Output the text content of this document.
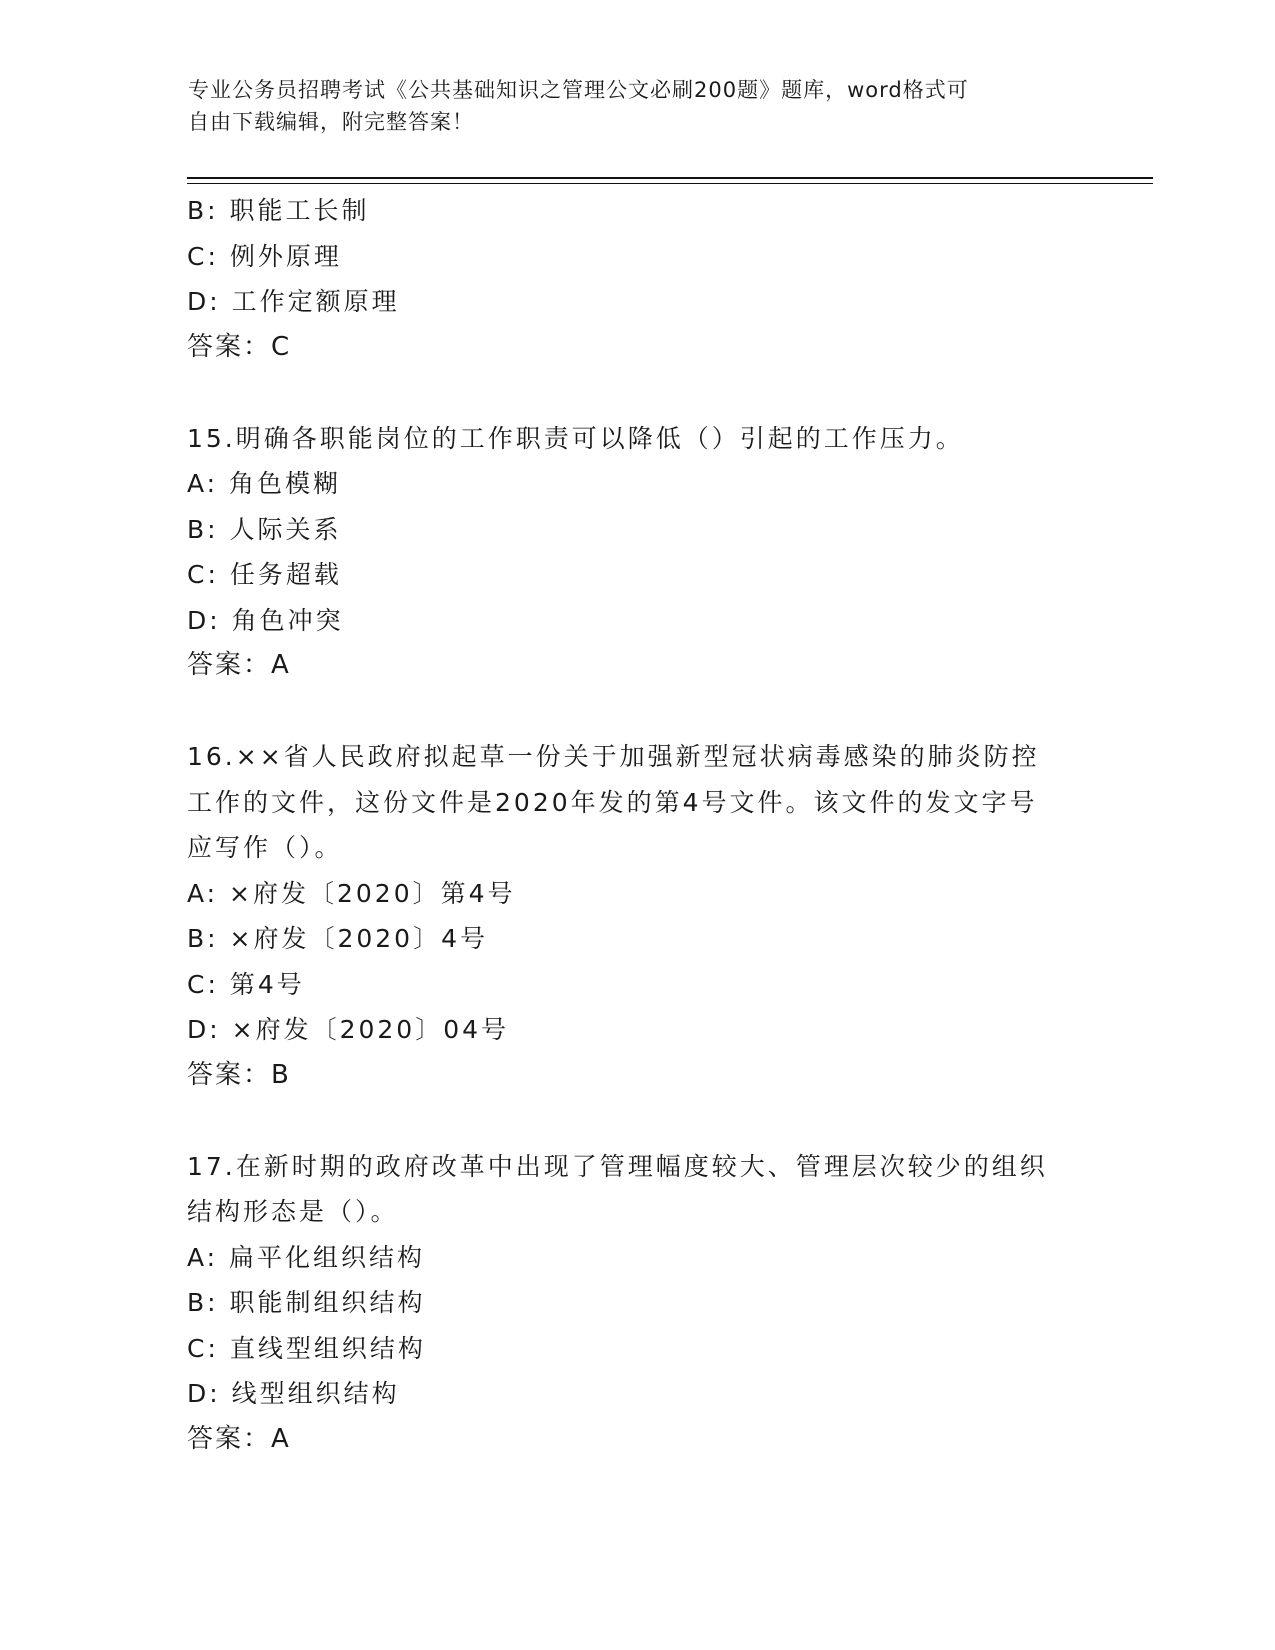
专业公务员招聘考试《公共基础知识之管理公文必刷200题》题库，word格式可
自由下载编辑，附完整答案！
B: 职能工长制
C: 例外原理
D: 工作定额原理
答案：C
15.明确各职能岗位的工作职责可以降低（）引起的工作压力。
A: 角色模糊
B: 人际关系
C: 任务超载
D: 角色冲突
答案：A
16.××省人民政府拟起草一份关于加强新型冠状病毒感染的肺炎防控
工作的文件，这份文件是2020年发的第4号文件。该文件的发文字号
应写作（）。
A: ×府发〔2020〕第4号
B: ×府发〔2020〕4号
C: 第4号
D: ×府发〔2020〕04号
答案：B
17.在新时期的政府改革中出现了管理幅度较大、管理层次较少的组织
结构形态是（）。
A: 扁平化组织结构
B: 职能制组织结构
C: 直线型组织结构
D: 线型组织结构
答案：A
